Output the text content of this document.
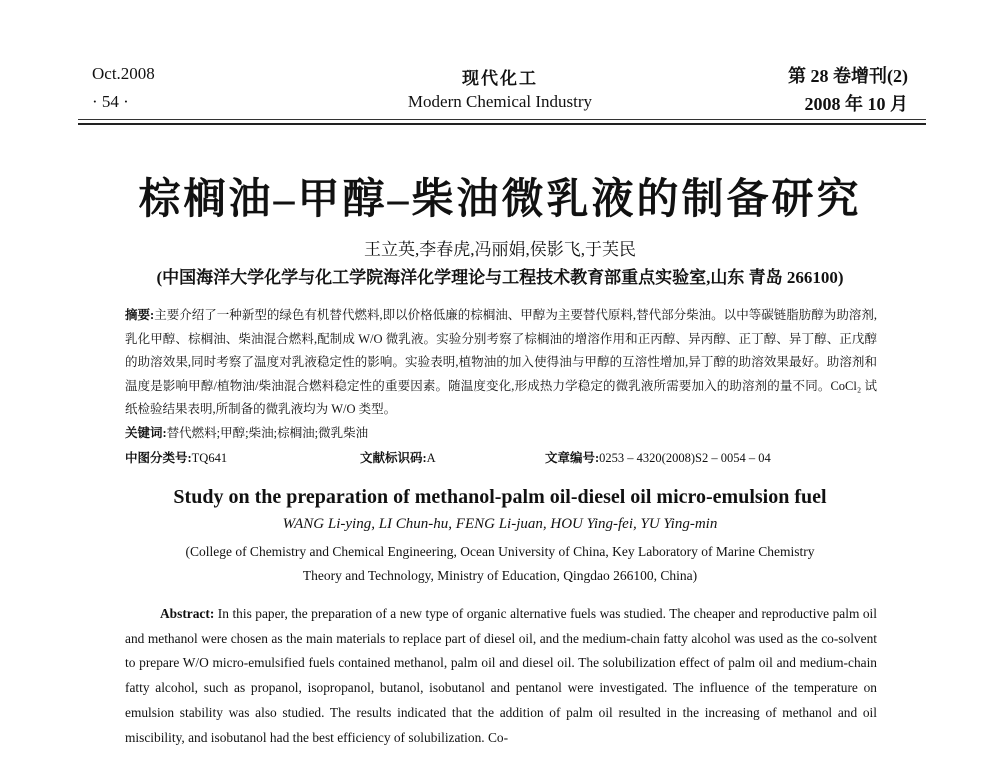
Oct.2008
· 54 ·
现代化工
Modern Chemical Industry
第 28 卷增刊(2)
2008 年 10 月
棕榈油–甲醇–柴油微乳液的制备研究
王立英,李春虎,冯丽娟,侯影飞,于芙民
(中国海洋大学化学与化工学院海洋化学理论与工程技术教育部重点实验室,山东 青岛 266100)
摘要:主要介绍了一种新型的绿色有机替代燃料,即以价格低廉的棕榈油、甲醇为主要替代原料,替代部分柴油。以中等碳链脂肪醇为助溶剂,乳化甲醇、棕榈油、柴油混合燃料,配制成 W/O 微乳液。实验分别考察了棕榈油的增溶作用和正丙醇、异丙醇、正丁醇、异丁醇、正戊醇的助溶效果,同时考察了温度对乳液稳定性的影响。实验表明,植物油的加入使得油与甲醇的互溶性增加,异丁醇的助溶效果最好。助溶剂和温度是影响甲醇/植物油/柴油混合燃料稳定性的重要因素。随温度变化,形成热力学稳定的微乳液所需要加入的助溶剂的量不同。CoCl₂ 试纸检验结果表明,所制备的微乳液均为 W/O 类型。
关键词:替代燃料;甲醇;柴油;棕榈油;微乳柴油
中图分类号:TQ641	文献标识码:A	文章编号:0253 – 4320(2008)S2 – 0054 – 04
Study on the preparation of methanol-palm oil-diesel oil micro-emulsion fuel
WANG Li-ying, LI Chun-hu, FENG Li-juan, HOU Ying-fei, YU Ying-min
(College of Chemistry and Chemical Engineering, Ocean University of China, Key Laboratory of Marine Chemistry
Theory and Technology, Ministry of Education, Qingdao 266100, China)
Abstract: In this paper, the preparation of a new type of organic alternative fuels was studied. The cheaper and reproductive palm oil and methanol were chosen as the main materials to replace part of diesel oil, and the medium-chain fatty alcohol was used as the co-solvent to prepare W/O micro-emulsified fuels contained methanol, palm oil and diesel oil. The solubilization effect of palm oil and medium-chain fatty alcohol, such as propanol, isopropanol, butanol, isobutanol and pentanol were investigated. The influence of the temperature on emulsion stability was also studied. The results indicated that the addition of palm oil resulted in the increasing of methanol and oil miscibility, and isobutanol had the best efficiency of solubilization. Co-
